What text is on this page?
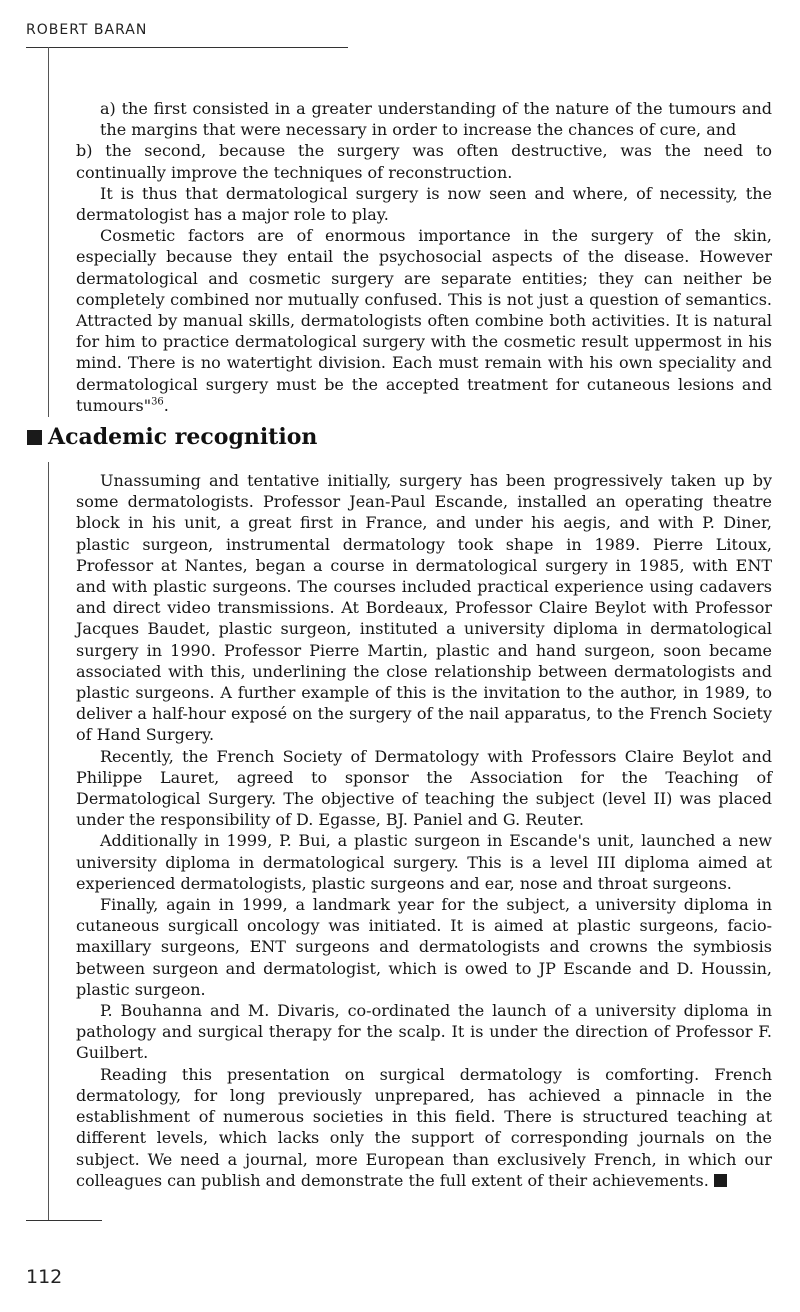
ROBERT BARAN

a) the first consisted in a greater understanding of the nature of the tumours and the margins that were necessary in order to increase the chances of cure, and

b) the second, because the surgery was often destructive, was the need to continually improve the techniques of reconstruction.

It is thus that dermatological surgery is now seen and where, of necessity, the dermatologist has a major role to play.

Cosmetic factors are of enormous importance in the surgery of the skin, especially because they entail the psychosocial aspects of the disease. However dermatological and cosmetic surgery are separate entities; they can neither be completely combined nor mutually confused. This is not just a question of semantics. Attracted by manual skills, dermatologists often combine both activities. It is natural for him to practice dermatological surgery with the cosmetic result uppermost in his mind. There is no watertight division. Each must remain with his own speciality and dermatological surgery must be the accepted treatment for cutaneous lesions and tumours"$^{36}$.

Academic recognition

Unassuming and tentative initially, surgery has been progressively taken up by some dermatologists. Professor Jean-Paul Escande, installed an operating theatre block in his unit, a great first in France, and under his aegis, and with P. Diner, plastic surgeon, instrumental dermatology took shape in 1989. Pierre Litoux, Professor at Nantes, began a course in dermatological surgery in 1985, with ENT and with plastic surgeons. The courses included practical experience using cadavers and direct video transmissions. At Bordeaux, Professor Claire Beylot with Professor Jacques Baudet, plastic surgeon, instituted a university diploma in dermatological surgery in 1990. Professor Pierre Martin, plastic and hand surgeon, soon became associated with this, underlining the close relationship between dermatologists and plastic surgeons. A further example of this is the invitation to the author, in 1989, to deliver a half-hour exposé on the surgery of the nail apparatus, to the French Society of Hand Surgery.

Recently, the French Society of Dermatology with Professors Claire Beylot and Philippe Lauret, agreed to sponsor the Association for the Teaching of Dermatological Surgery. The objective of teaching the subject (level II) was placed under the responsibility of D. Egasse, BJ. Paniel and G. Reuter.

Additionally in 1999, P. Bui, a plastic surgeon in Escande's unit, launched a new university diploma in dermatological surgery. This is a level III diploma aimed at experienced dermatologists, plastic surgeons and ear, nose and throat surgeons.

Finally, again in 1999, a landmark year for the subject, a university diploma in cutaneous surgicall oncology was initiated. It is aimed at plastic surgeons, facio-maxillary surgeons, ENT surgeons and dermatologists and crowns the symbiosis between surgeon and dermatologist, which is owed to JP Escande and D. Houssin, plastic surgeon.

P. Bouhanna and M. Divaris, co-ordinated the launch of a university diploma in pathology and surgical therapy for the scalp. It is under the direction of Professor F. Guilbert.

Reading this presentation on surgical dermatology is comforting. French dermatology, for long previously unprepared, has achieved a pinnacle in the establishment of numerous societies in this field. There is structured teaching at different levels, which lacks only the support of corresponding journals on the subject. We need a journal, more European than exclusively French, in which our colleagues can publish and demonstrate the full extent of their achievements.

112
